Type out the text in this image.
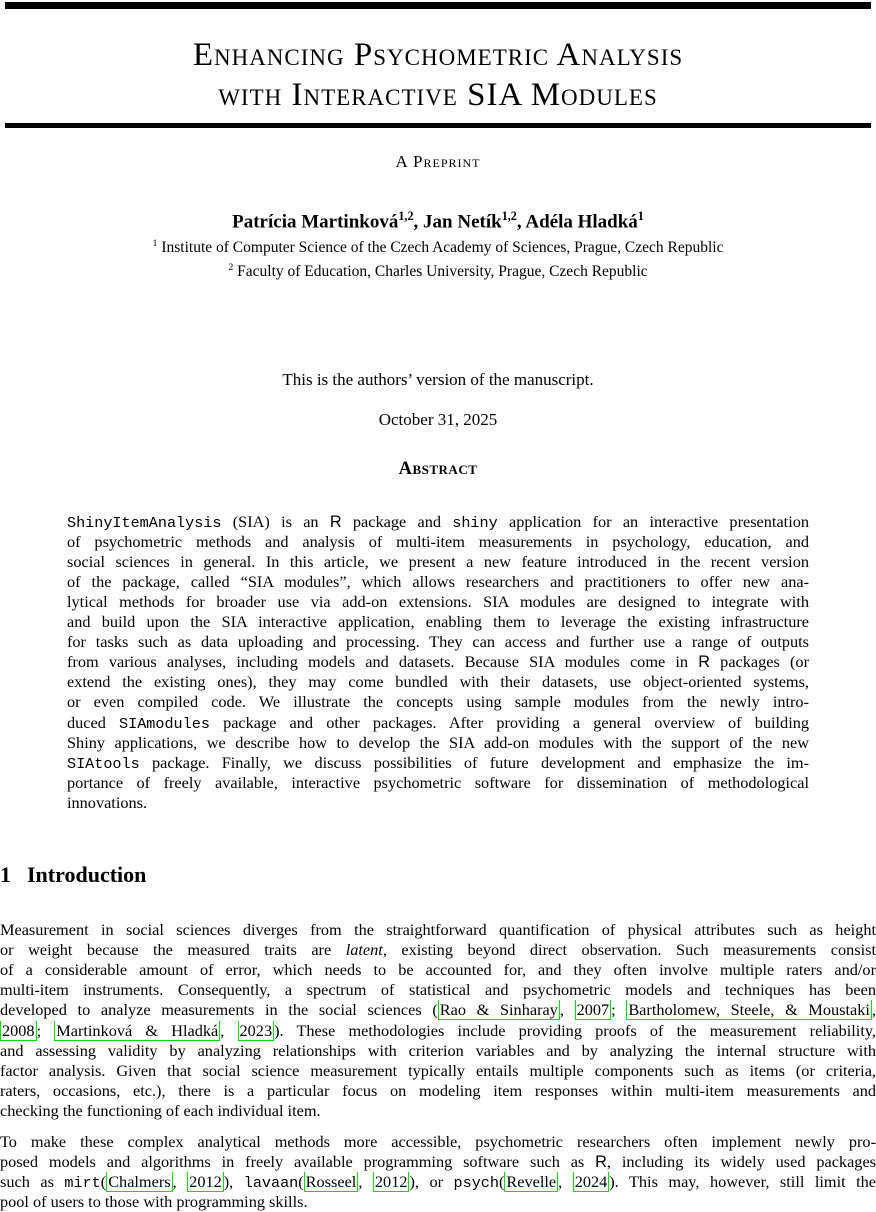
Enhancing Psychometric Analysis
with Interactive SIA Modules
A Preprint
Patrícia Martinková$^{1,2}$, Jan Netík$^{1,2}$, Adéla Hladká$^1$
$^1$ Institute of Computer Science of the Czech Academy of Sciences, Prague, Czech Republic
$^2$ Faculty of Education, Charles University, Prague, Czech Republic
This is the authors’ version of the manuscript.
October 31, 2025
Abstract
ShinyItemAnalysis (SIA) is an R package and shiny application for an interactive presentation
of psychometric methods and analysis of multi-item measurements in psychology, education, and
social sciences in general. In this article, we present a new feature introduced in the recent version
of the package, called “SIA modules”, which allows researchers and practitioners to offer new ana-
lytical methods for broader use via add-on extensions. SIA modules are designed to integrate with
and build upon the SIA interactive application, enabling them to leverage the existing infrastructure
for tasks such as data uploading and processing. They can access and further use a range of outputs
from various analyses, including models and datasets. Because SIA modules come in R packages (or
extend the existing ones), they may come bundled with their datasets, use object-oriented systems,
or even compiled code. We illustrate the concepts using sample modules from the newly intro-
duced SIAmodules package and other packages. After providing a general overview of building
Shiny applications, we describe how to develop the SIA add-on modules with the support of the new
SIAtools package. Finally, we discuss possibilities of future development and emphasize the im-
portance of freely available, interactive psychometric software for dissemination of methodological
innovations.
1 Introduction
Measurement in social sciences diverges from the straightforward quantification of physical attributes such as height
or weight because the measured traits are latent, existing beyond direct observation. Such measurements consist
of a considerable amount of error, which needs to be accounted for, and they often involve multiple raters and/or
multi-item instruments. Consequently, a spectrum of statistical and psychometric models and techniques has been
developed to analyze measurements in the social sciences ( Rao & Sinharay , 2007 ; Bartholomew, Steele, & Moustaki ,
2008 ; Martinková & Hladká , 2023 ). These methodologies include providing proofs of the measurement reliability,
and assessing validity by analyzing relationships with criterion variables and by analyzing the internal structure with
factor analysis. Given that social science measurement typically entails multiple components such as items (or criteria,
raters, occasions, etc.), there is a particular focus on modeling item responses within multi-item measurements and
checking the functioning of each individual item.
To make these complex analytical methods more accessible, psychometric researchers often implement newly pro-
posed models and algorithms in freely available programming software such as R, including its widely used packages
such as mirt( Chalmers , 2012 ), lavaan( Rosseel , 2012 ), or psych( Revelle , 2024 ). This may, however, still limit the
pool of users to those with programming skills.
